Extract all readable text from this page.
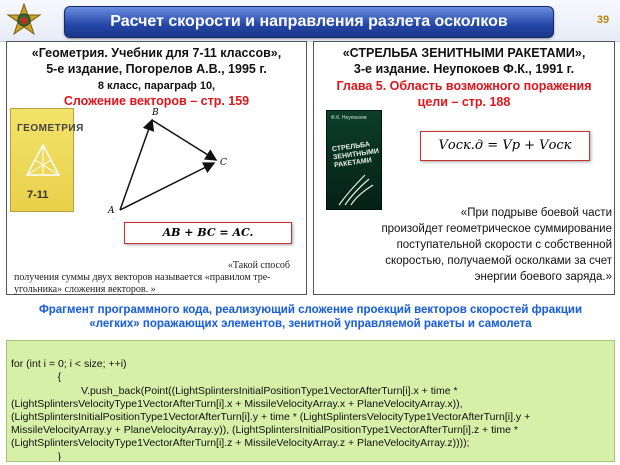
Расчет скорости и направления разлета осколков	39
«Геометрия. Учебник для 7-11 классов»,
5-е издание, Погорелов А.В., 1995 г.
8 класс, параграф 10,
Сложение векторов – стр. 159
ГЕОМЕТРИЯ
7-11
A
B
C
AB + BC = AC.
«Такой способ
получения суммы двух векторов называется «правилом тре-
угольника» сложения векторов. »
«СТРЕЛЬБА ЗЕНИТНЫМИ РАКЕТАМИ»,
3-е издание. Неупокоев Ф.К., 1991 г.
Глава 5. Область возможного поражения
цели – стр. 188
Ф.К. Неупокоев
СТРЕЛЬБА ЗЕНИТНЫМИ РАКЕТАМИ
Vоск.д = Vр + Vоск
«При подрыве боевой части
произойдет геометрическое суммирование
поступательной скорости с собственной
скоростью, получаемой осколками за счет
энергии боевого заряда.»
Фрагмент программного кода, реализующий сложение проекций векторов скоростей фракции
«легких» поражающих элементов, зенитной управляемой ракеты и самолета

for (int i = 0; i < size; ++i)
{
V.push_back(Point((LightSplintersInitialPositionType1VectorAfterTurn[i].x + time *
(LightSplintersVelocityType1VectorAfterTurn[i].x + MissileVelocityArray.x + PlaneVelocityArray.x)),
(LightSplintersInitialPositionType1VectorAfterTurn[i].y + time * (LightSplintersVelocityType1VectorAfterTurn[i].y +
MissileVelocityArray.y + PlaneVelocityArray.y)), (LightSplintersInitialPositionType1VectorAfterTurn[i].z + time *
(LightSplintersVelocityType1VectorAfterTurn[i].z + MissileVelocityArray.z + PlaneVelocityArray.z))));
}
